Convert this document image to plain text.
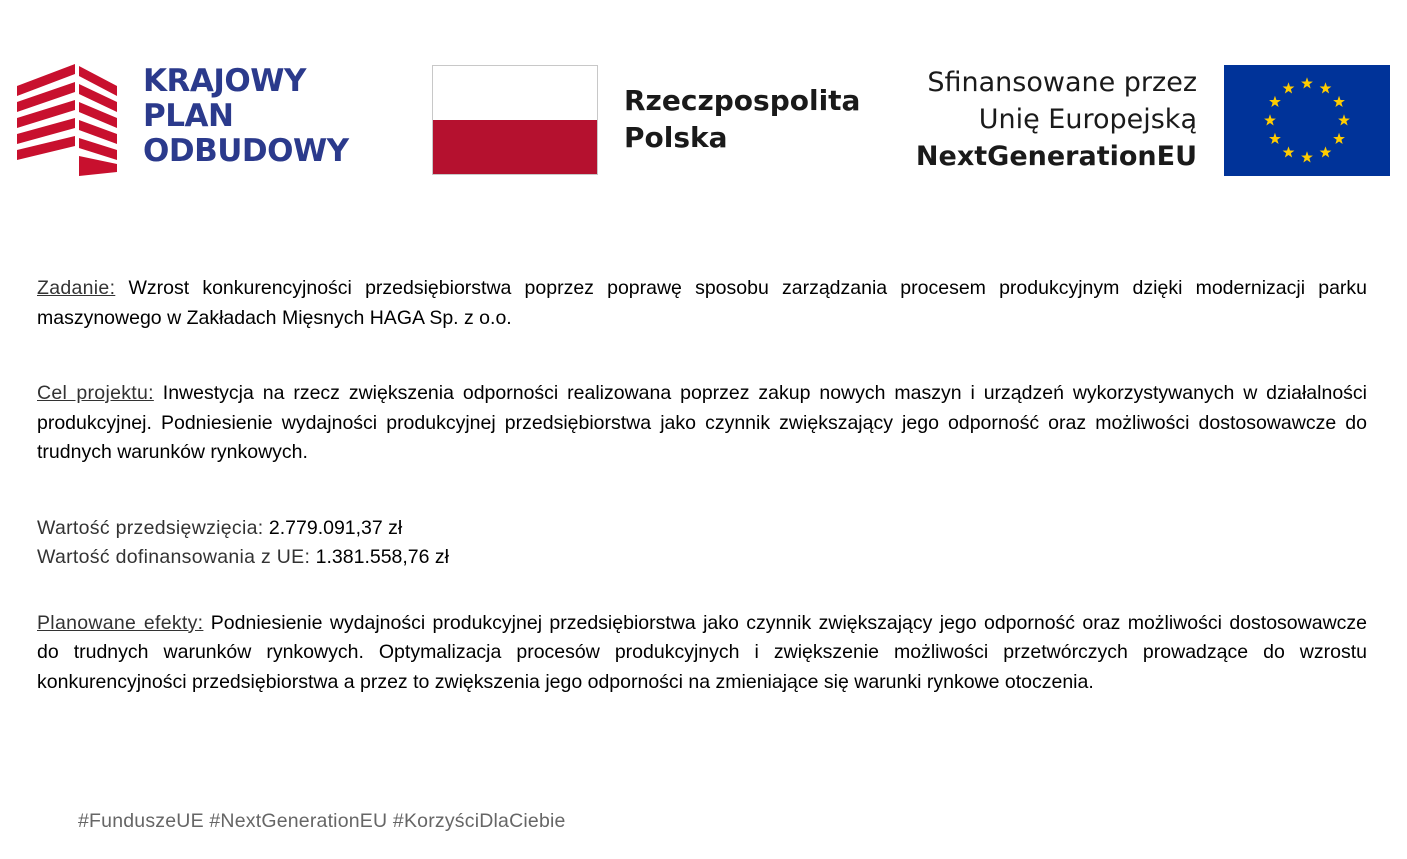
KRAJOWY
PLAN
ODBUDOWY
Rzeczpospolita
Polska
Sfinansowane przez
Unię Europejską
NextGenerationEU

Zadanie: Wzrost konkurencyjności przedsiębiorstwa poprzez poprawę sposobu zarządzania procesem produkcyjnym dzięki modernizacji parku maszynowego w Zakładach Mięsnych HAGA Sp. z o.o.

Cel projektu: Inwestycja na rzecz zwiększenia odporności realizowana poprzez zakup nowych maszyn i urządzeń wykorzystywanych w działalności produkcyjnej. Podniesienie wydajności produkcyjnej przedsiębiorstwa jako czynnik zwiększający jego odporność oraz możliwości dostosowawcze do trudnych warunków rynkowych.

Wartość przedsięwzięcia: 2.779.091,37 zł
Wartość dofinansowania z UE: 1.381.558,76 zł

Planowane efekty: Podniesienie wydajności produkcyjnej przedsiębiorstwa jako czynnik zwiększający jego odporność oraz możliwości dostosowawcze do trudnych warunków rynkowych. Optymalizacja procesów produkcyjnych i zwiększenie możliwości przetwórczych prowadzące do wzrostu konkurencyjności przedsiębiorstwa a przez to zwiększenia jego odporności na zmieniające się warunki rynkowe otoczenia.

#FunduszeUE #NextGenerationEU #KorzyściDlaCiebie
